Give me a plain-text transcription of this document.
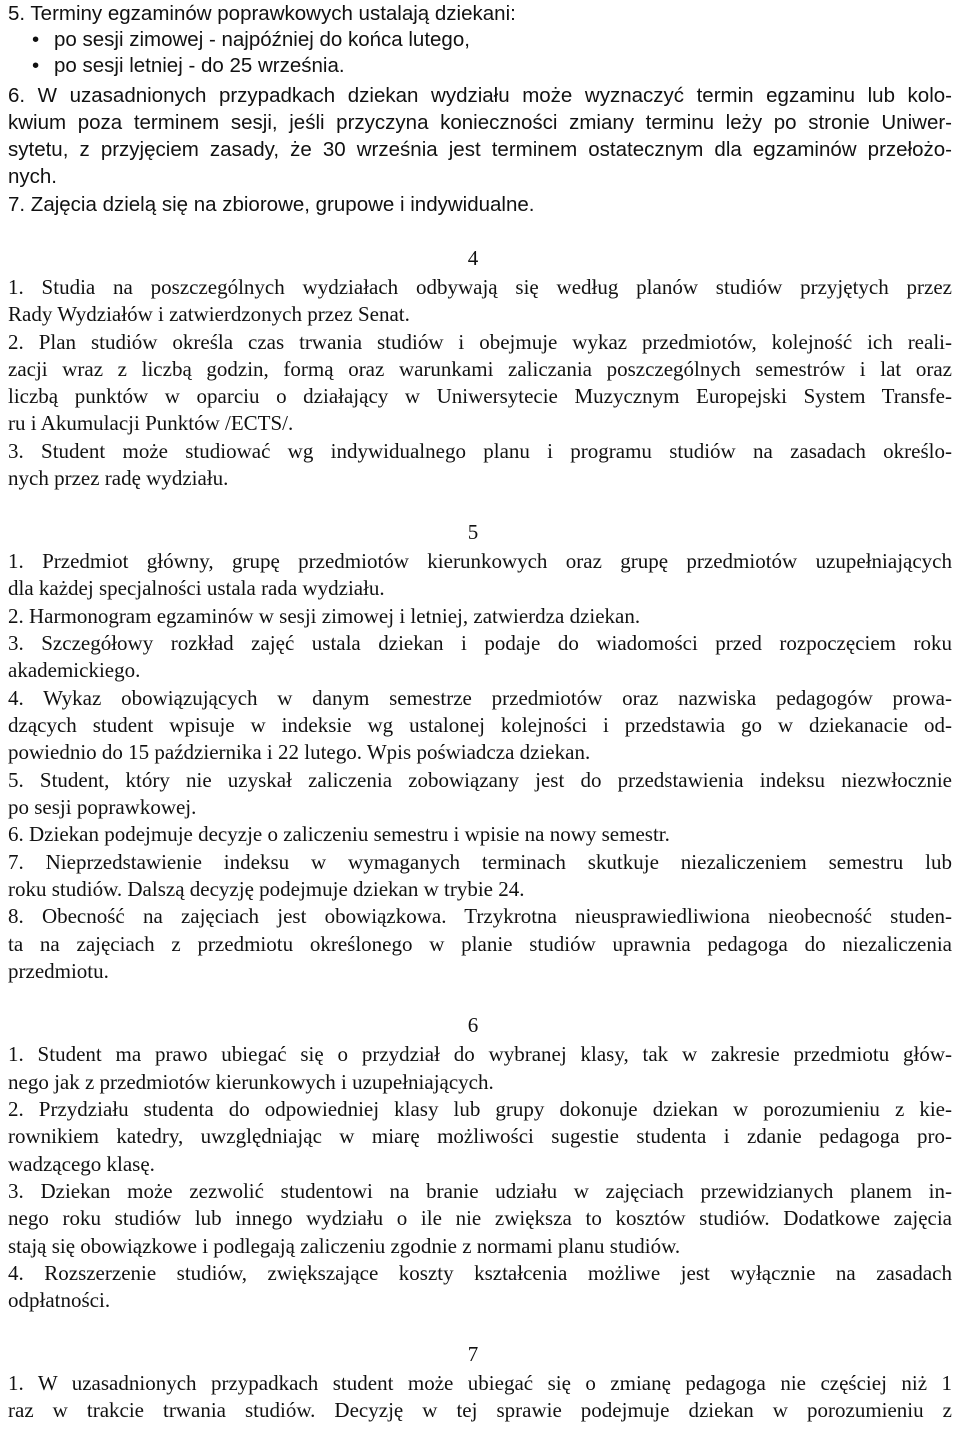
5. Terminy egzaminów poprawkowych ustalają dziekani:
• po sesji zimowej - najpóźniej do końca lutego,
• po sesji letniej - do 25 września.
6. W uzasadnionych przypadkach dziekan wydziału może wyznaczyć termin egzaminu lub kolo-
kwium poza terminem sesji, jeśli przyczyna konieczności zmiany terminu leży po stronie Uniwer-
sytetu, z przyjęciem zasady, że 30 września jest terminem ostatecznym dla egzaminów przełożo-
nych.
7. Zajęcia dzielą się na zbiorowe, grupowe i indywidualne.
4
1. Studia na poszczególnych wydziałach odbywają się według planów studiów przyjętych przez
Rady Wydziałów i zatwierdzonych przez Senat.
2. Plan studiów określa czas trwania studiów i obejmuje wykaz przedmiotów, kolejność ich reali-
zacji wraz z liczbą godzin, formą oraz warunkami zaliczania poszczególnych semestrów i lat oraz
liczbą punktów w oparciu o działający w Uniwersytecie Muzycznym Europejski System Transfe-
ru i Akumulacji Punktów /ECTS/.
3. Student może studiować wg indywidualnego planu i programu studiów na zasadach określo-
nych przez radę wydziału.
5
1. Przedmiot główny, grupę przedmiotów kierunkowych oraz grupę przedmiotów uzupełniających
dla każdej specjalności ustala rada wydziału.
2. Harmonogram egzaminów w sesji zimowej i letniej, zatwierdza dziekan.
3. Szczegółowy rozkład zajęć ustala dziekan i podaje do wiadomości przed rozpoczęciem roku
akademickiego.
4. Wykaz obowiązujących w danym semestrze przedmiotów oraz nazwiska pedagogów prowa-
dzących student wpisuje w indeksie wg ustalonej kolejności i przedstawia go w dziekanacie od-
powiednio do 15 października i 22 lutego. Wpis poświadcza dziekan.
5. Student, który nie uzyskał zaliczenia zobowiązany jest do przedstawienia indeksu niezwłocznie
po sesji poprawkowej.
6. Dziekan podejmuje decyzje o zaliczeniu semestru i wpisie na nowy semestr.
7. Nieprzedstawienie indeksu w wymaganych terminach skutkuje niezaliczeniem semestru lub
roku studiów. Dalszą decyzję podejmuje dziekan w trybie 24.
8. Obecność na zajęciach jest obowiązkowa. Trzykrotna nieusprawiedliwiona nieobecność studen-
ta na zajęciach z przedmiotu określonego w planie studiów uprawnia pedagoga do niezaliczenia
przedmiotu.
6
1. Student ma prawo ubiegać się o przydział do wybranej klasy, tak w zakresie przedmiotu głów-
nego jak z przedmiotów kierunkowych i uzupełniających.
2. Przydziału studenta do odpowiedniej klasy lub grupy dokonuje dziekan w porozumieniu z kie-
rownikiem katedry, uwzględniając w miarę możliwości sugestie studenta i zdanie pedagoga pro-
wadzącego klasę.
3. Dziekan może zezwolić studentowi na branie udziału w zajęciach przewidzianych planem in-
nego roku studiów lub innego wydziału o ile nie zwiększa to kosztów studiów. Dodatkowe zajęcia
stają się obowiązkowe i podlegają zaliczeniu zgodnie z normami planu studiów.
4. Rozszerzenie studiów, zwiększające koszty kształcenia możliwe jest wyłącznie na zasadach
odpłatności.
7
1. W uzasadnionych przypadkach student może ubiegać się o zmianę pedagoga nie częściej niż 1
raz w trakcie trwania studiów. Decyzję w tej sprawie podejmuje dziekan w porozumieniu z
